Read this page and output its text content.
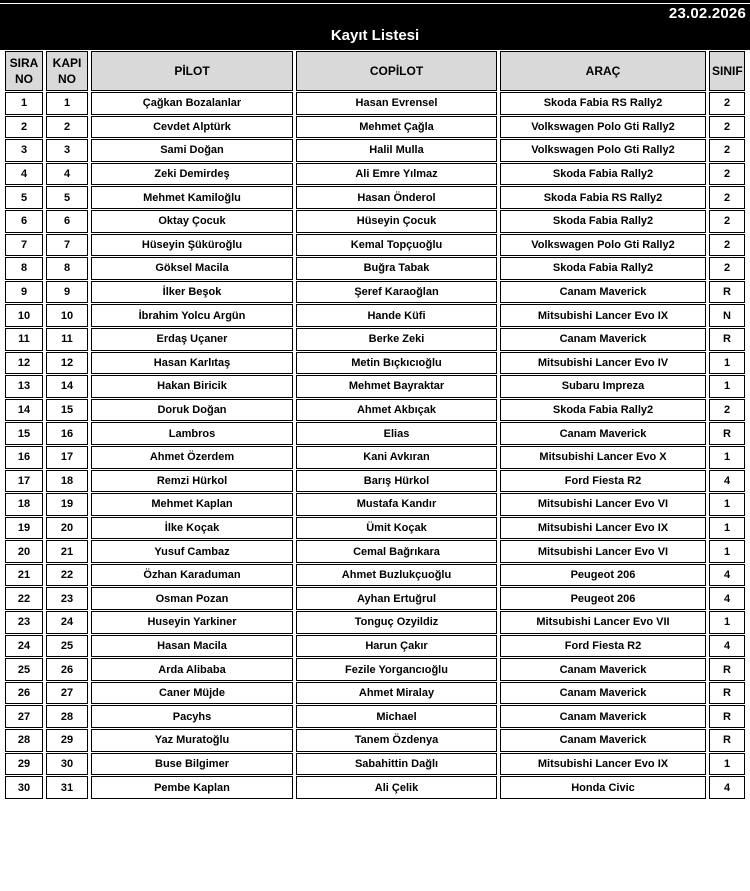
23.02.2026
Kayıt Listesi
SIRA NO	KAPI NO	PİLOT	COPİLOT	ARAÇ	SINIF
1	1	Çağkan Bozalanlar	Hasan Evrensel	Skoda Fabia RS Rally2	2
2	2	Cevdet Alptürk	Mehmet Çağla	Volkswagen Polo Gti Rally2	2
3	3	Sami Doğan	Halil Mulla	Volkswagen Polo Gti Rally2	2
4	4	Zeki Demirdeş	Ali Emre Yılmaz	Skoda Fabia Rally2	2
5	5	Mehmet Kamiloğlu	Hasan Önderol	Skoda Fabia RS Rally2	2
6	6	Oktay Çocuk	Hüseyin Çocuk	Skoda Fabia Rally2	2
7	7	Hüseyin Şüküroğlu	Kemal Topçuoğlu	Volkswagen Polo Gti Rally2	2
8	8	Göksel Macila	Buğra Tabak	Skoda Fabia Rally2	2
9	9	İlker Beşok	Şeref Karaoğlan	Canam Maverick	R
10	10	İbrahim Yolcu Argün	Hande Küfi	Mitsubishi Lancer Evo IX	N
11	11	Erdaş Uçaner	Berke Zeki	Canam Maverick	R
12	12	Hasan Karlıtaş	Metin Bıçkıcıoğlu	Mitsubishi Lancer Evo IV	1
13	14	Hakan Biricik	Mehmet Bayraktar	Subaru Impreza	1
14	15	Doruk Doğan	Ahmet Akbıçak	Skoda Fabia Rally2	2
15	16	Lambros	Elias	Canam Maverick	R
16	17	Ahmet Özerdem	Kani Avkıran	Mitsubishi Lancer Evo X	1
17	18	Remzi Hürkol	Barış Hürkol	Ford Fiesta R2	4
18	19	Mehmet Kaplan	Mustafa Kandır	Mitsubishi Lancer Evo VI	1
19	20	İlke Koçak	Ümit Koçak	Mitsubishi Lancer Evo IX	1
20	21	Yusuf Cambaz	Cemal Bağrıkara	Mitsubishi Lancer Evo VI	1
21	22	Özhan Karaduman	Ahmet Buzlukçuoğlu	Peugeot 206	4
22	23	Osman Pozan	Ayhan Ertuğrul	Peugeot 206	4
23	24	Huseyin Yarkiner	Tonguç Ozyildiz	Mitsubishi Lancer Evo VII	1
24	25	Hasan Macila	Harun Çakır	Ford Fiesta R2	4
25	26	Arda Alibaba	Fezile Yorgancıoğlu	Canam Maverick	R
26	27	Caner Müjde	Ahmet Miralay	Canam Maverick	R
27	28	Pacyhs	Michael	Canam Maverick	R
28	29	Yaz Muratoğlu	Tanem Özdenya	Canam Maverick	R
29	30	Buse Bilgimer	Sabahittin Dağlı	Mitsubishi Lancer Evo IX	1
30	31	Pembe Kaplan	Ali Çelik	Honda Civic	4
